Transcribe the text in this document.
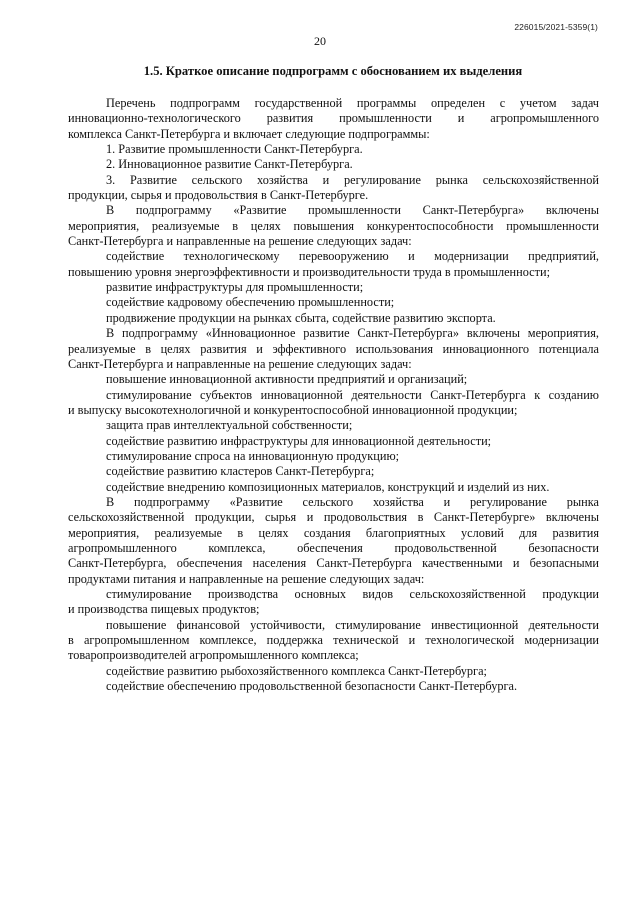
226015/2021-5359(1)
20
1.5. Краткое описание подпрограмм с обоснованием их выделения

Перечень подпрограмм государственной программы определен с учетом задач

инновационно-технологического развития промышленности и агропромышленного

комплекса Санкт-Петербурга и включает следующие подпрограммы:

1. Развитие промышленности Санкт-Петербурга.

2. Инновационное развитие Санкт-Петербурга.

3. Развитие сельского хозяйства и регулирование рынка сельскохозяйственной

продукции, сырья и продовольствия в Санкт-Петербурге.

В подпрограмму «Развитие промышленности Санкт-Петербурга» включены

мероприятия, реализуемые в целях повышения конкурентоспособности промышленности

Санкт-Петербурга и направленные на решение следующих задач:

содействие технологическому перевооружению и модернизации предприятий,

повышению уровня энергоэффективности и производительности труда в промышленности;

развитие инфраструктуры для промышленности;

содействие кадровому обеспечению промышленности;

продвижение продукции на рынках сбыта, содействие развитию экспорта.

В подпрограмму «Инновационное развитие Санкт-Петербурга» включены мероприятия,

реализуемые в целях развития и эффективного использования инновационного потенциала

Санкт-Петербурга и направленные на решение следующих задач:

повышение инновационной активности предприятий и организаций;

стимулирование субъектов инновационной деятельности Санкт-Петербурга к созданию

и выпуску высокотехнологичной и конкурентоспособной инновационной продукции;

защита прав интеллектуальной собственности;

содействие развитию инфраструктуры для инновационной деятельности;

стимулирование спроса на инновационную продукцию;

содействие развитию кластеров Санкт-Петербурга;

содействие внедрению композиционных материалов, конструкций и изделий из них.

В подпрограмму «Развитие сельского хозяйства и регулирование рынка

сельскохозяйственной продукции, сырья и продовольствия в Санкт-Петербурге» включены

мероприятия, реализуемые в целях создания благоприятных условий для развития

агропромышленного комплекса, обеспечения продовольственной безопасности

Санкт-Петербурга, обеспечения населения Санкт-Петербурга качественными и безопасными

продуктами питания и направленные на решение следующих задач:

стимулирование производства основных видов сельскохозяйственной продукции

и производства пищевых продуктов;

повышение финансовой устойчивости, стимулирование инвестиционной деятельности

в агропромышленном комплексе, поддержка технической и технологической модернизации

товаропроизводителей агропромышленного комплекса;

содействие развитию рыбохозяйственного комплекса Санкт-Петербурга;

содействие обеспечению продовольственной безопасности Санкт-Петербурга.
